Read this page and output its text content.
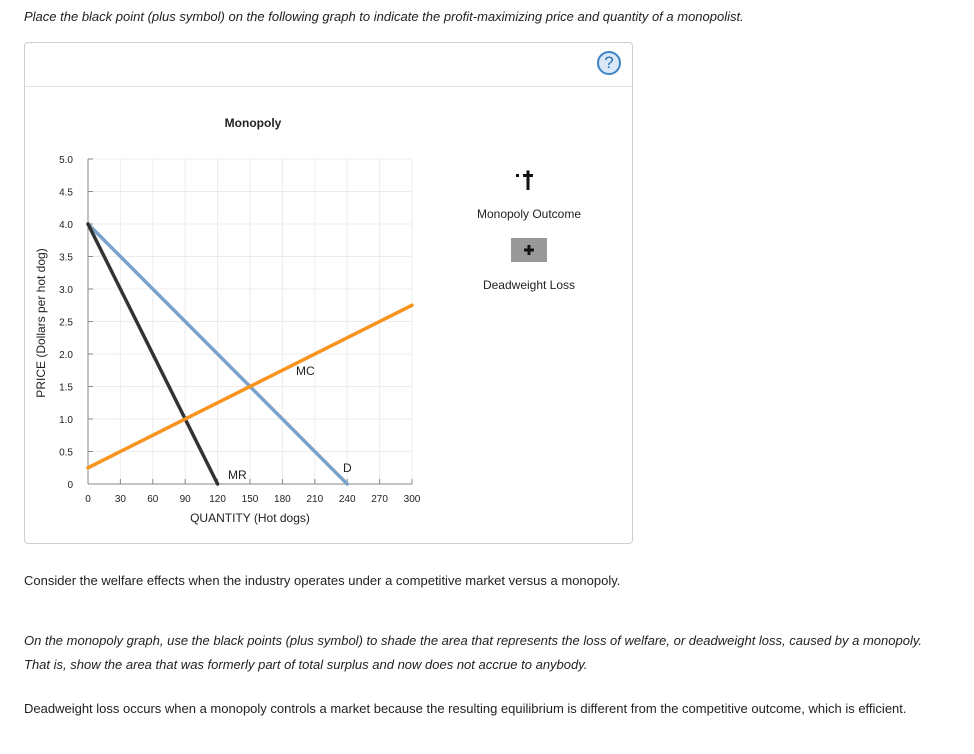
Place the black point (plus symbol) on the following graph to indicate the profit-maximizing price and quantity of a monopolist.

?
0 30 60 90 120 150 180 210 240 270 300
0
0.5
1.0
1.5
2.0
2.5
3.0
3.5
4.0
4.5
5.0
Monopoly
QUANTITY (Hot dogs)
PRICE (Dollars per hot dog)	MC
MR	D
Monopoly Outcome
Deadweight Loss

Consider the welfare effects when the industry operates under a competitive market versus a monopoly.

On the monopoly graph, use the black points (plus symbol) to shade the area that represents the loss of welfare, or deadweight loss, caused by a monopoly. That is, show the area that was formerly part of total surplus and now does not accrue to anybody.

Deadweight loss occurs when a monopoly controls a market because the resulting equilibrium is different from the competitive outcome, which is efficient.
